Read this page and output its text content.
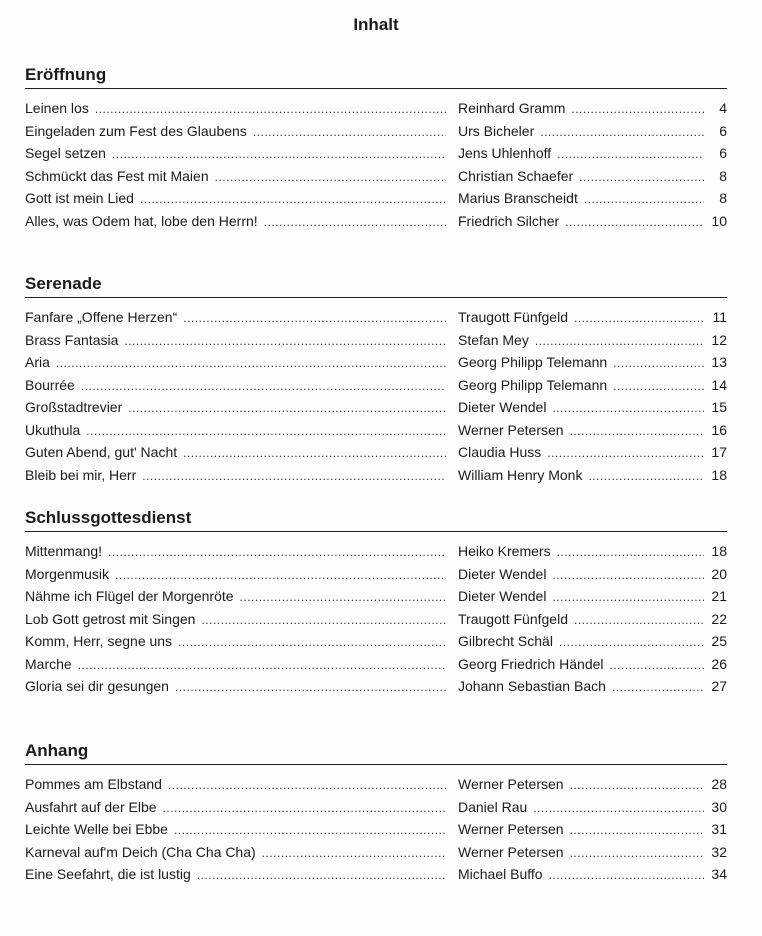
Inhalt
Eröffnung
Leinen los .....	Reinhard Gramm .....	4
Eingeladen zum Fest des Glaubens .....	Urs Bicheler .....	6
Segel setzen .....	Jens Uhlenhoff .....	6
Schmückt das Fest mit Maien .....	Christian Schaefer .....	8
Gott ist mein Lied .....	Marius Branscheidt .....	8
Alles, was Odem hat, lobe den Herrn! .....	Friedrich Silcher .....	10
Serenade
Fanfare „Offene Herzen“ .....	Traugott Fünfgeld .....	11
Brass Fantasia .....	Stefan Mey .....	12
Aria .....	Georg Philipp Telemann .....	13
Bourrée .....	Georg Philipp Telemann .....	14
Großstadtrevier .....	Dieter Wendel .....	15
Ukuthula .....	Werner Petersen .....	16
Guten Abend, gut' Nacht .....	Claudia Huss .....	17
Bleib bei mir, Herr .....	William Henry Monk .....	18
Schlussgottesdienst
Mittenmang! .....	Heiko Kremers .....	18
Morgenmusik .....	Dieter Wendel .....	20
Nähme ich Flügel der Morgenröte .....	Dieter Wendel .....	21
Lob Gott getrost mit Singen .....	Traugott Fünfgeld .....	22
Komm, Herr, segne uns .....	Gilbrecht Schäl .....	25
Marche .....	Georg Friedrich Händel .....	26
Gloria sei dir gesungen .....	Johann Sebastian Bach .....	27
Anhang
Pommes am Elbstand .....	Werner Petersen .....	28
Ausfahrt auf der Elbe .....	Daniel Rau .....	30
Leichte Welle bei Ebbe .....	Werner Petersen .....	31
Karneval auf'm Deich (Cha Cha Cha) .....	Werner Petersen .....	32
Eine Seefahrt, die ist lustig .....	Michael Buffo .....	34
